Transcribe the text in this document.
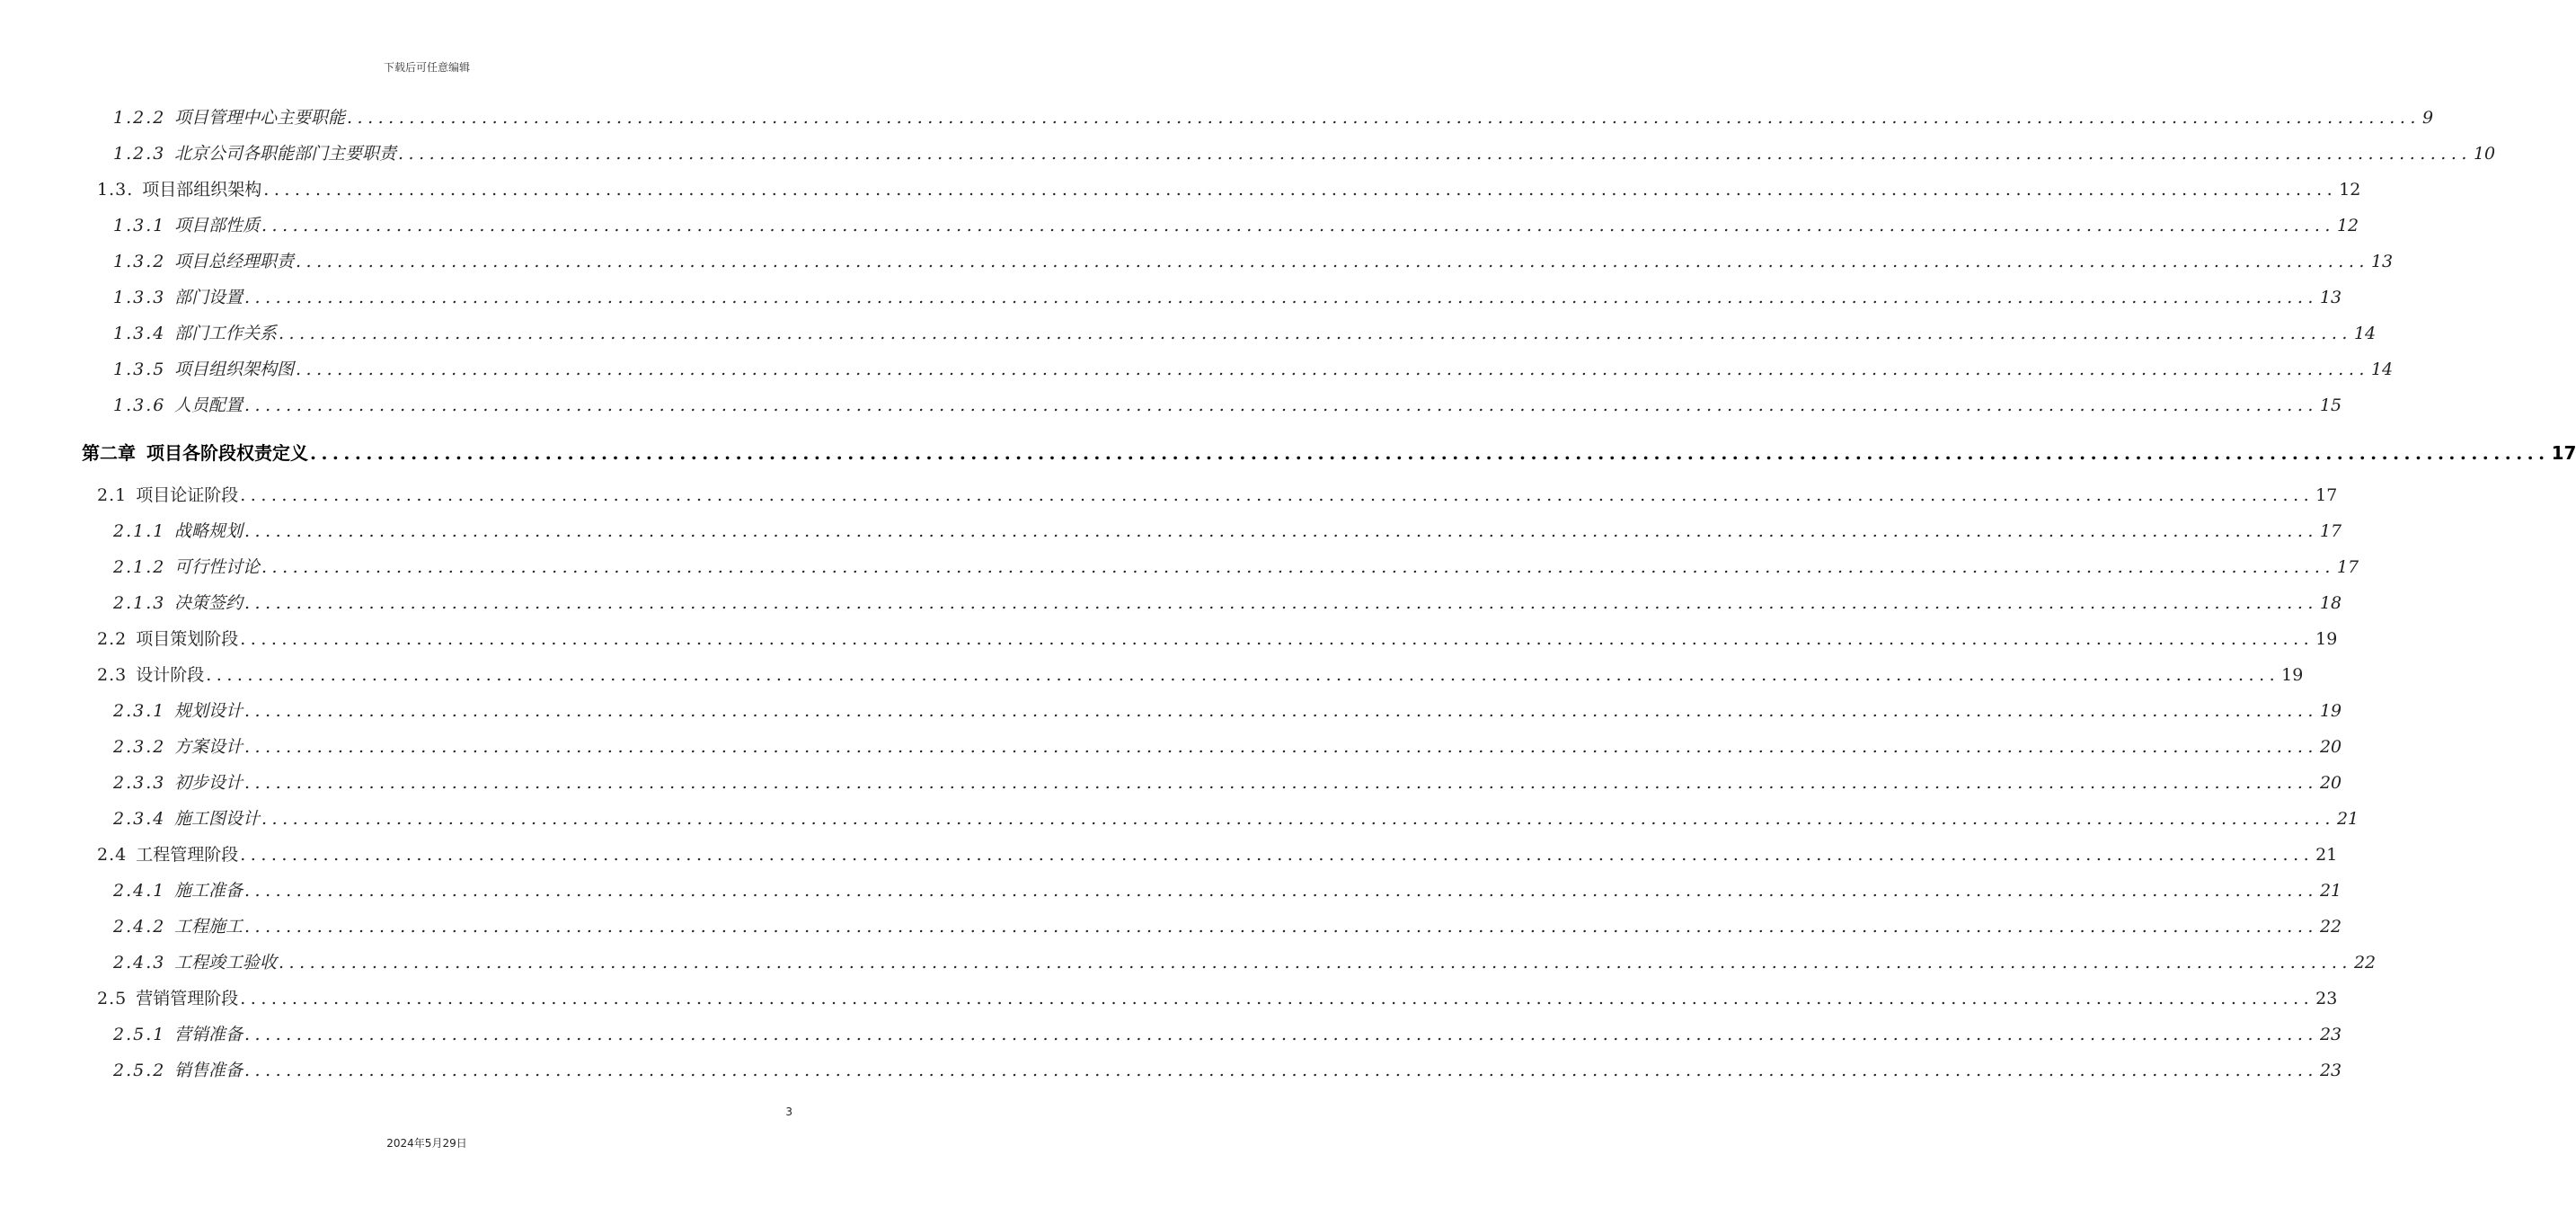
下载后可任意编辑
1.2.2 项目管理中心主要职能 ........................................................................................................................................................................................................ 9
1.2.3 北京公司各职能部门主要职责 ........................................................................................................................................................................................................ 10
1.3. 项目部组织架构 ........................................................................................................................................................................................................ 12
1.3.1 项目部性质 ........................................................................................................................................................................................................ 12
1.3.2 项目总经理职责 ........................................................................................................................................................................................................ 13
1.3.3 部门设置 ........................................................................................................................................................................................................ 13
1.3.4 部门工作关系 ........................................................................................................................................................................................................ 14
1.3.5 项目组织架构图 ........................................................................................................................................................................................................ 14
1.3.6 人员配置 ........................................................................................................................................................................................................ 15
第二章 项目各阶段权责定义 ........................................................................................................................................................................................................ 17
2.1 项目论证阶段 ........................................................................................................................................................................................................ 17
2.1.1 战略规划 ........................................................................................................................................................................................................ 17
2.1.2 可行性讨论 ........................................................................................................................................................................................................ 17
2.1.3 决策签约 ........................................................................................................................................................................................................ 18
2.2 项目策划阶段 ........................................................................................................................................................................................................ 19
2.3 设计阶段 ........................................................................................................................................................................................................ 19
2.3.1 规划设计 ........................................................................................................................................................................................................ 19
2.3.2 方案设计 ........................................................................................................................................................................................................ 20
2.3.3 初步设计 ........................................................................................................................................................................................................ 20
2.3.4 施工图设计 ........................................................................................................................................................................................................ 21
2.4 工程管理阶段 ........................................................................................................................................................................................................ 21
2.4.1 施工准备 ........................................................................................................................................................................................................ 21
2.4.2 工程施工 ........................................................................................................................................................................................................ 22
2.4.3 工程竣工验收 ........................................................................................................................................................................................................ 22
2.5 营销管理阶段 ........................................................................................................................................................................................................ 23
2.5.1 营销准备 ........................................................................................................................................................................................................ 23
2.5.2 销售准备 ........................................................................................................................................................................................................ 23
3
2024年5月29日
